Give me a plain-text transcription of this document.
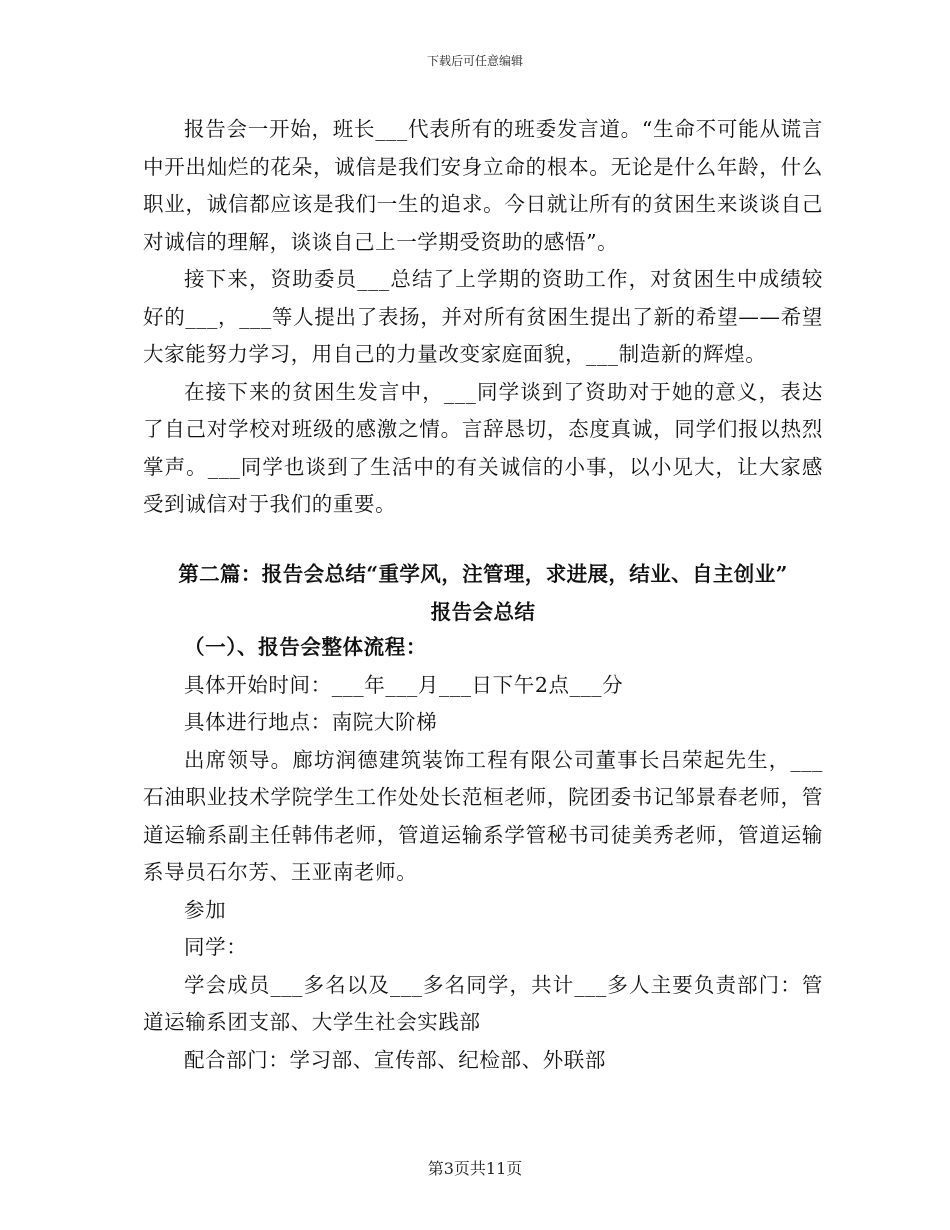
下载后可任意编辑

报告会一开始，班长___代表所有的班委发言道。“生命不可能从谎言中开出灿烂的花朵，诚信是我们安身立命的根本。无论是什么年龄，什么职业，诚信都应该是我们一生的追求。今日就让所有的贫困生来谈谈自己对诚信的理解，谈谈自己上一学期受资助的感悟”。

接下来，资助委员___总结了上学期的资助工作，对贫困生中成绩较好的___，___等人提出了表扬，并对所有贫困生提出了新的希望——希望大家能努力学习，用自己的力量改变家庭面貌，___制造新的辉煌。

在接下来的贫困生发言中，___同学谈到了资助对于她的意义，表达了自己对学校对班级的感激之情。言辞恳切，态度真诚，同学们报以热烈掌声。___同学也谈到了生活中的有关诚信的小事，以小见大，让大家感受到诚信对于我们的重要。

第二篇：报告会总结“重学风，注管理，求进展，结业、自主创业”

报告会总结

（一）、报告会整体流程：

具体开始时间：___年___月___日下午2点___分

具体进行地点：南院大阶梯

出席领导。廊坊润德建筑装饰工程有限公司董事长吕荣起先生，___石油职业技术学院学生工作处处长范桓老师，院团委书记邹景春老师，管道运输系副主任韩伟老师，管道运输系学管秘书司徒美秀老师，管道运输系导员石尔芳、王亚南老师。

参加

同学：

学会成员___多名以及___多名同学，共计___多人主要负责部门：管道运输系团支部、大学生社会实践部

配合部门：学习部、宣传部、纪检部、外联部

第3页共11页
